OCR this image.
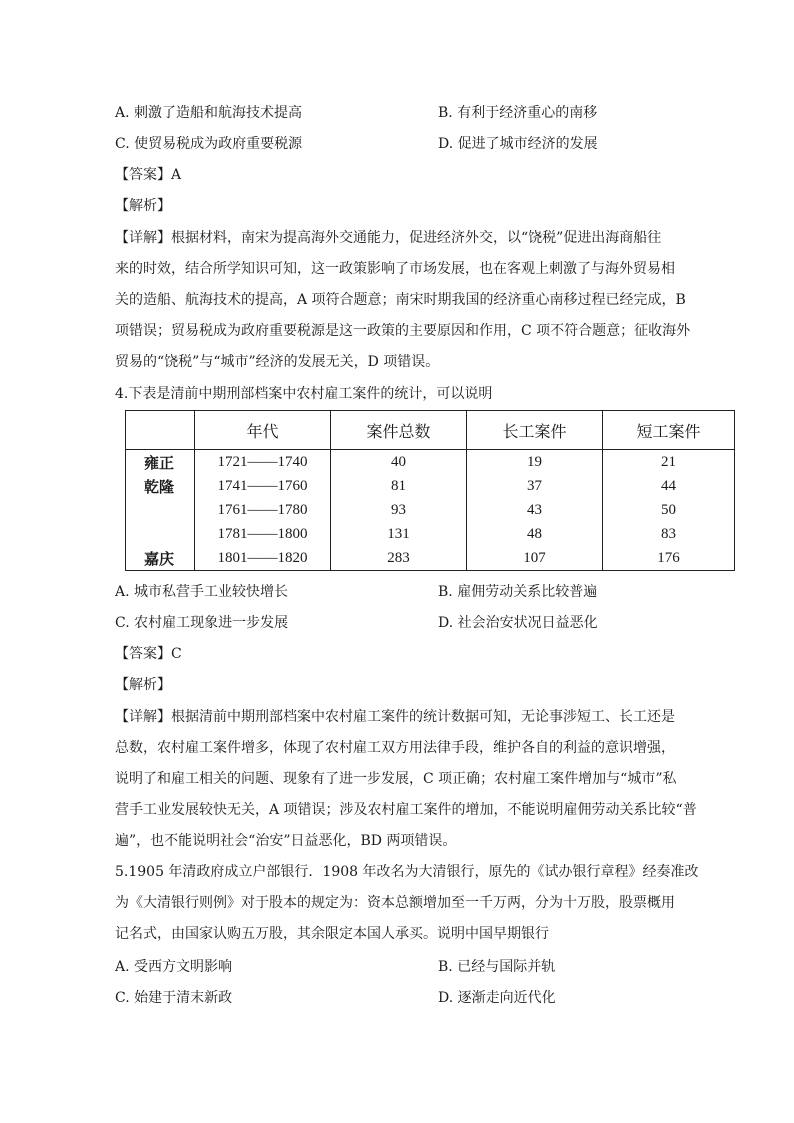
A. 刺激了造船和航海技术提高	B. 有利于经济重心的南移
C. 使贸易税成为政府重要税源	D. 促进了城市经济的发展
【答案】A
【解析】

【详解】根据材料，南宋为提高海外交通能力，促进经济外交，以“饶税”促进出海商船往

来的时效，结合所学知识可知，这一政策影响了市场发展，也在客观上刺激了与海外贸易相

关的造船、航海技术的提高，A 项符合题意；南宋时期我国的经济重心南移过程已经完成，B

项错误；贸易税成为政府重要税源是这一政策的主要原因和作用，C 项不符合题意；征收海外

贸易的“饶税”与“城市”经济的发展无关，D 项错误。

4.下表是清前中期刑部档案中农村雇工案件的统计，可以说明
	年代	案件总数	长工案件	短工案件
雍正	1721——1740	40	19	21
乾隆	1741——1760	81	37	44
	1761——1780	93	43	50
	1781——1800	131	48	83
嘉庆	1801——1820	283	107	176
A. 城市私营手工业较快增长	B. 雇佣劳动关系比较普遍
C. 农村雇工现象进一步发展	D. 社会治安状况日益恶化
【答案】C
【解析】

【详解】根据清前中期刑部档案中农村雇工案件的统计数据可知，无论事涉短工、长工还是

总数，农村雇工案件增多，体现了农村雇工双方用法律手段，维护各自的利益的意识增强，

说明了和雇工相关的问题、现象有了进一步发展，C 项正确；农村雇工案件增加与“城市”私

营手工业发展较快无关，A 项错误；涉及农村雇工案件的增加，不能说明雇佣劳动关系比较“普

遍”，也不能说明社会“治安”日益恶化，BD 两项错误。

5.1905 年清政府成立户部银行．1908 年改名为大清银行，原先的《试办银行章程》经奏准改

为《大清银行则例》对于股本的规定为：资本总额增加至一千万两，分为十万股，股票概用

记名式，由国家认购五万股，其余限定本国人承买。说明中国早期银行

A. 受西方文明影响	B. 已经与国际并轨
C. 始建于清末新政	D. 逐渐走向近代化
